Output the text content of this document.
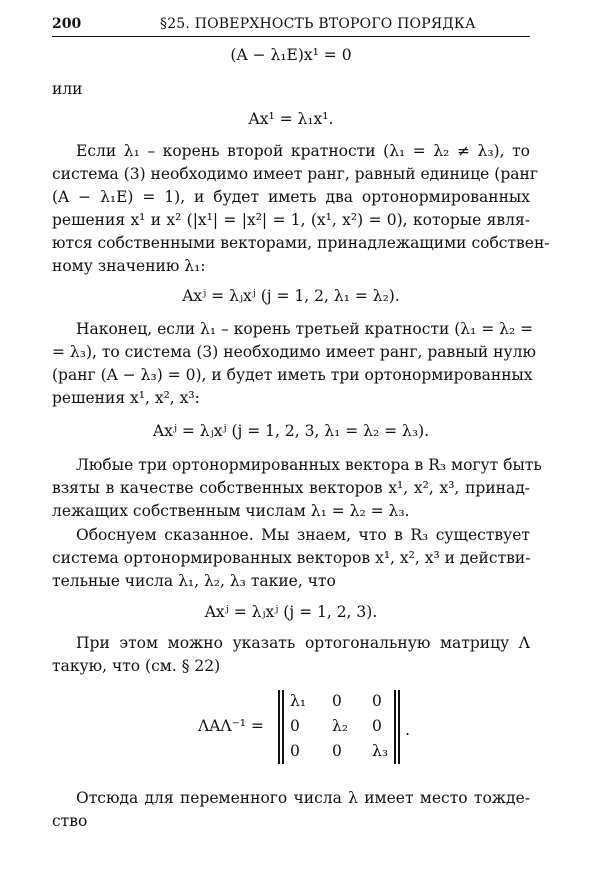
200	§25. ПОВЕРХНОСТЬ ВТОРОГО ПОРЯДКА
(A − λ₁E)x¹ = 0
или
Ax¹ = λ₁x¹.
Если λ₁ – корень второй кратности (λ₁ = λ₂ ≠ λ₃), то
система (3) необходимо имеет ранг, равный единице (ранг
(A − λ₁E) = 1), и будет иметь два ортонормированных
решения x¹ и x² (|x¹| = |x²| = 1, (x¹, x²) = 0), которые явля-
ются собственными векторами, принадлежащими собствен-
ному значению λ₁:
Axʲ = λⱼxʲ (j = 1, 2, λ₁ = λ₂).
Наконец, если λ₁ – корень третьей кратности (λ₁ = λ₂ =
= λ₃), то система (3) необходимо имеет ранг, равный нулю
(ранг (A − λ₃) = 0), и будет иметь три ортонормированных
решения x¹, x², x³:
Axʲ = λⱼxʲ (j = 1, 2, 3, λ₁ = λ₂ = λ₃).
Любые три ортонормированных вектора в R₃ могут быть
взяты в качестве собственных векторов x¹, x², x³, принад-
лежащих собственным числам λ₁ = λ₂ = λ₃.
Обоснуем сказанное. Мы знаем, что в R₃ существует
система ортонормированных векторов x¹, x², x³ и действи-
тельные числа λ₁, λ₂, λ₃ такие, что
Axʲ = λⱼxʲ (j = 1, 2, 3).
При этом можно указать ортогональную матрицу Λ
такую, что (см. § 22)
ΛAΛ⁻¹ =
λ₁	0	0
0	λ₂	0
0	0	λ₃
.
Отсюда для переменного числа λ имеет место тожде-
ство
